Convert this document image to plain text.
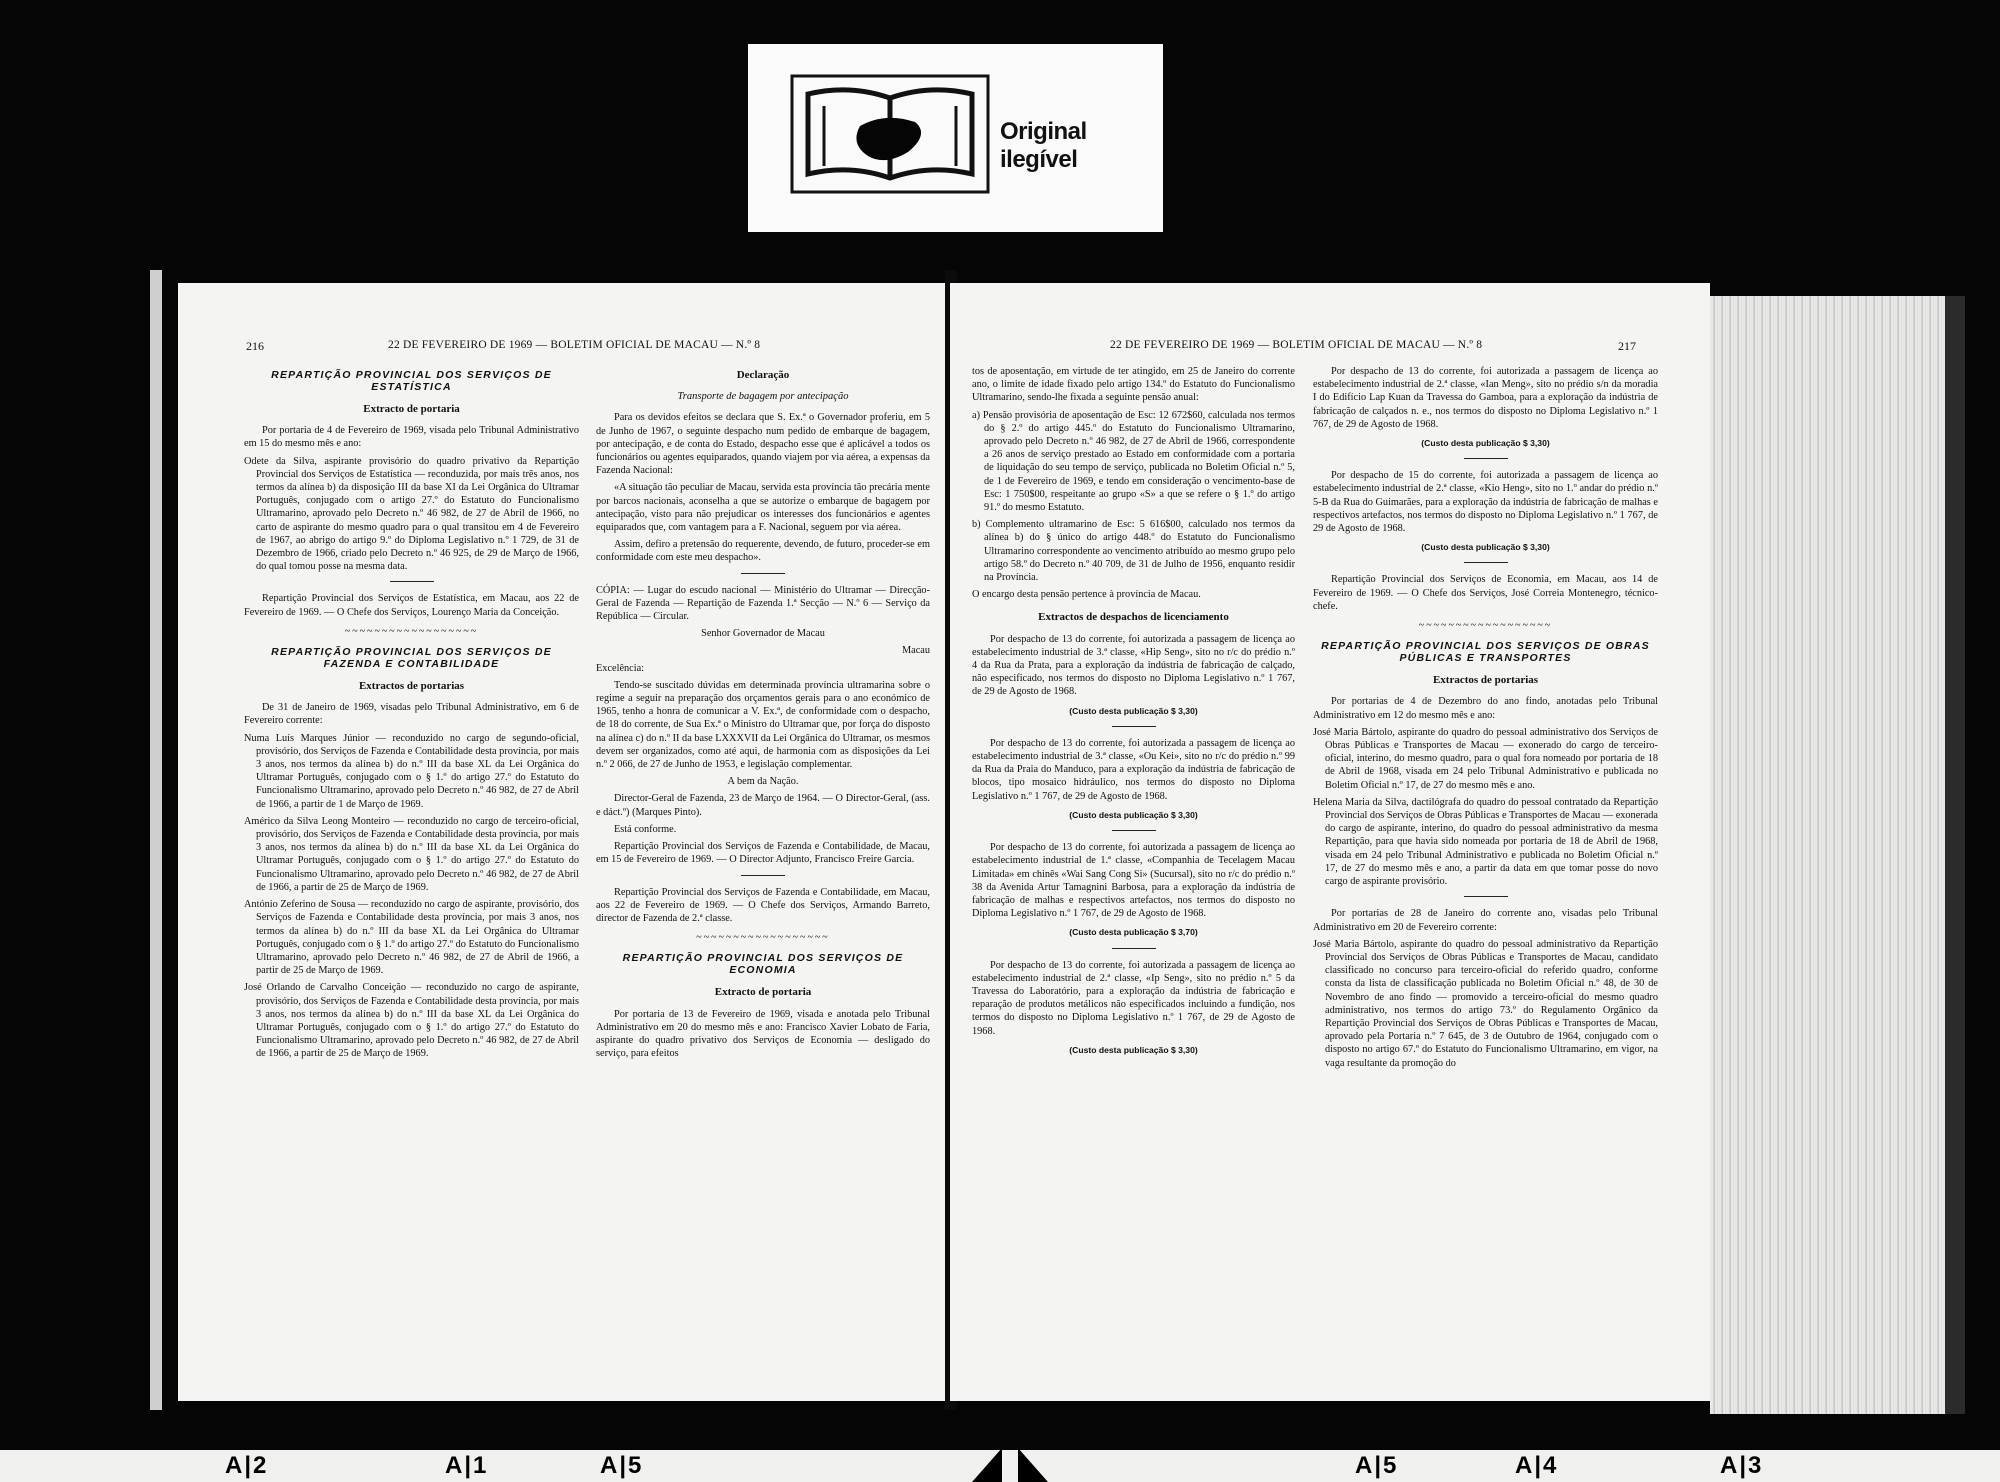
Original ilegível
216	22 DE FEVEREIRO DE 1969 — BOLETIM OFICIAL DE MACAU — N.º 8
REPARTIÇÃO PROVINCIAL DOS SERVIÇOS DE ESTATÍSTICA
Extracto de portaria

Por portaria de 4 de Fevereiro de 1969, visada pelo Tribunal Administrativo em 15 do mesmo mês e ano:

Odete da Silva, aspirante provisório do quadro privativo da Repartição Provincial dos Serviços de Estatística — reconduzida, por mais três anos, nos termos da alínea b) da disposição III da base XI da Lei Orgânica do Ultramar Português, conjugado com o artigo 27.º do Estatuto do Funcionalismo Ultramarino, aprovado pelo Decreto n.º 46 982, de 27 de Abril de 1966, no carto de aspirante do mesmo quadro para o qual transitou em 4 de Fevereiro de 1967, ao abrigo do artigo 9.º do Diploma Legislativo n.º 1 729, de 31 de Dezembro de 1966, criado pelo Decreto n.º 46 925, de 29 de Março de 1966, do qual tomou posse na mesma data.

Repartição Provincial dos Serviços de Estatística, em Macau, aos 22 de Fevereiro de 1969. — O Chefe dos Serviços, Lourenço Maria da Conceição.

~~~~~~~~~~~~~~~~~~
REPARTIÇÃO PROVINCIAL DOS SERVIÇOS DE FAZENDA E CONTABILIDADE
Extractos de portarias

De 31 de Janeiro de 1969, visadas pelo Tribunal Administrativo, em 6 de Fevereiro corrente:

Numa Luís Marques Júnior — reconduzido no cargo de segundo-oficial, provisório, dos Serviços de Fazenda e Contabilidade desta província, por mais 3 anos, nos termos da alínea b) do n.º III da base XL da Lei Orgânica do Ultramar Português, conjugado com o § 1.º do artigo 27.º do Estatuto do Funcionalismo Ultramarino, aprovado pelo Decreto n.º 46 982, de 27 de Abril de 1966, a partir de 1 de Março de 1969.

Américo da Silva Leong Monteiro — reconduzido no cargo de terceiro-oficial, provisório, dos Serviços de Fazenda e Contabilidade desta província, por mais 3 anos, nos termos da alínea b) do n.º III da base XL da Lei Orgânica do Ultramar Português, conjugado com o § 1.º do artigo 27.º do Estatuto do Funcionalismo Ultramarino, aprovado pelo Decreto n.º 46 982, de 27 de Abril de 1966, a partir de 25 de Março de 1969.

António Zeferino de Sousa — reconduzido no cargo de aspirante, provisório, dos Serviços de Fazenda e Contabilidade desta província, por mais 3 anos, nos termos da alínea b) do n.º III da base XL da Lei Orgânica do Ultramar Português, conjugado com o § 1.º do artigo 27.º do Estatuto do Funcionalismo Ultramarino, aprovado pelo Decreto n.º 46 982, de 27 de Abril de 1966, a partir de 25 de Março de 1969.

José Orlando de Carvalho Conceição — reconduzido no cargo de aspirante, provisório, dos Serviços de Fazenda e Contabilidade desta província, por mais 3 anos, nos termos da alínea b) do n.º III da base XL da Lei Orgânica do Ultramar Português, conjugado com o § 1.º do artigo 27.º do Estatuto do Funcionalismo Ultramarino, aprovado pelo Decreto n.º 46 982, de 27 de Abril de 1966, a partir de 25 de Março de 1969.

Declaração
Transporte de bagagem por antecipação

Para os devidos efeitos se declara que S. Ex.ª o Governador proferiu, em 5 de Junho de 1967, o seguinte despacho num pedido de embarque de bagagem, por antecipação, e de conta do Estado, despacho esse que é aplicável a todos os funcionários ou agentes equiparados, quando viajem por via aérea, a expensas da Fazenda Nacional:

«A situação tão peculiar de Macau, servida esta província tão precária mente por barcos nacionais, aconselha a que se autorize o embarque de bagagem por antecipação, visto para não prejudicar os interesses dos funcionários e agentes equiparados que, com vantagem para a F. Nacional, seguem por via aérea.

Assim, defiro a pretensão do requerente, devendo, de futuro, proceder-se em conformidade com este meu despacho».

CÓPIA: — Lugar do escudo nacional — Ministério do Ultramar — Direcção-Geral de Fazenda — Repartição de Fazenda 1.ª Secção — N.º 6 — Serviço da República — Circular.

Senhor Governador de Macau

Macau

Excelência:

Tendo-se suscitado dúvidas em determinada província ultramarina sobre o regime a seguir na preparação dos orçamentos gerais para o ano económico de 1965, tenho a honra de comunicar a V. Ex.ª, de conformidade com o despacho, de 18 do corrente, de Sua Ex.ª o Ministro do Ultramar que, por força do disposto na alínea c) do n.º II da base LXXXVII da Lei Orgânica do Ultramar, os mesmos devem ser organizados, como até aqui, de harmonia com as disposições da Lei n.º 2 066, de 27 de Junho de 1953, e legislação complementar.

A bem da Nação.

Director-Geral de Fazenda, 23 de Março de 1964. — O Director-Geral, (ass. e dáct.º) (Marques Pinto).

Está conforme.

Repartição Provincial dos Serviços de Fazenda e Contabilidade, de Macau, em 15 de Fevereiro de 1969. — O Director Adjunto, Francisco Freire Garcia.

Repartição Provincial dos Serviços de Fazenda e Contabilidade, em Macau, aos 22 de Fevereiro de 1969. — O Chefe dos Serviços, Armando Barreto, director de Fazenda de 2.ª classe.

~~~~~~~~~~~~~~~~~~
REPARTIÇÃO PROVINCIAL DOS SERVIÇOS DE ECONOMIA
Extracto de portaria

Por portaria de 13 de Fevereiro de 1969, visada e anotada pelo Tribunal Administrativo em 20 do mesmo mês e ano: Francisco Xavier Lobato de Faria, aspirante do quadro privativo dos Serviços de Economia — desligado do serviço, para efeitos

22 DE FEVEREIRO DE 1969 — BOLETIM OFICIAL DE MACAU — N.º 8	217

tos de aposentação, em virtude de ter atingido, em 25 de Janeiro do corrente ano, o limite de idade fixado pelo artigo 134.º do Estatuto do Funcionalismo Ultramarino, sendo-lhe fixada a seguinte pensão anual:

a) Pensão provisória de aposentação de Esc: 12 672$60, calculada nos termos do § 2.º do artigo 445.º do Estatuto do Funcionalismo Ultramarino, aprovado pelo Decreto n.º 46 982, de 27 de Abril de 1966, correspondente a 26 anos de serviço prestado ao Estado em conformidade com a portaria de liquidação do seu tempo de serviço, publicada no Boletim Oficial n.º 5, de 1 de Fevereiro de 1969, e tendo em consideração o vencimento-base de Esc: 1 750$00, respeitante ao grupo «S» a que se refere o § 1.º do artigo 91.º do mesmo Estatuto.

b) Complemento ultramarino de Esc: 5 616$00, calculado nos termos da alínea b) do § único do artigo 448.º do Estatuto do Funcionalismo Ultramarino correspondente ao vencimento atribuído ao mesmo grupo pelo artigo 58.º do Decreto n.º 40 709, de 31 de Julho de 1956, enquanto residir na Província.

O encargo desta pensão pertence à província de Macau.

Extractos de despachos de licenciamento

Por despacho de 13 do corrente, foi autorizada a passagem de licença ao estabelecimento industrial de 3.ª classe, «Hip Seng», sito no r/c do prédio n.º 4 da Rua da Prata, para a exploração da indústria de fabricação de calçado, não especificado, nos termos do disposto no Diploma Legislativo n.º 1 767, de 29 de Agosto de 1968.

(Custo desta publicação $ 3,30)

Por despacho de 13 do corrente, foi autorizada a passagem de licença ao estabelecimento industrial de 3.ª classe, «Ou Kei», sito no r/c do prédio n.º 99 da Rua da Praia do Manduco, para a exploração da indústria de fabricação de blocos, tipo mosaico hidráulico, nos termos do disposto no Diploma Legislativo n.º 1 767, de 29 de Agosto de 1968.

(Custo desta publicação $ 3,30)

Por despacho de 13 do corrente, foi autorizada a passagem de licença ao estabelecimento industrial de 1.ª classe, «Companhia de Tecelagem Macau Limitada» em chinês «Wai Sang Cong Si» (Sucursal), sito no r/c do prédio n.º 38 da Avenida Artur Tamagnini Barbosa, para a exploração da indústria de fabricação de malhas e respectivos artefactos, nos termos do disposto no Diploma Legislativo n.º 1 767, de 29 de Agosto de 1968.

(Custo desta publicação $ 3,70)

Por despacho de 13 do corrente, foi autorizada a passagem de licença ao estabelecimento industrial de 2.ª classe, «Ip Seng», sito no prédio n.º 5 da Travessa do Laboratório, para a exploração da indústria de fabricação e reparação de produtos metálicos não especificados incluindo a fundição, nos termos do disposto no Diploma Legislativo n.º 1 767, de 29 de Agosto de 1968.

(Custo desta publicação $ 3,30)

Por despacho de 13 do corrente, foi autorizada a passagem de licença ao estabelecimento industrial de 2.ª classe, «Ian Meng», sito no prédio s/n da moradia I do Edifício Lap Kuan da Travessa do Gamboa, para a exploração da indústria de fabricação de calçados n. e., nos termos do disposto no Diploma Legislativo n.º 1 767, de 29 de Agosto de 1968.

(Custo desta publicação $ 3,30)

Por despacho de 15 do corrente, foi autorizada a passagem de licença ao estabelecimento industrial de 2.ª classe, «Kio Heng», sito no 1.º andar do prédio n.º 5-B da Rua do Guimarães, para a exploração da indústria de fabricação de malhas e respectivos artefactos, nos termos do disposto no Diploma Legislativo n.º 1 767, de 29 de Agosto de 1968.

(Custo desta publicação $ 3,30)

Repartição Provincial dos Serviços de Economia, em Macau, aos 14 de Fevereiro de 1969. — O Chefe dos Serviços, José Correia Montenegro, técnico-chefe.

~~~~~~~~~~~~~~~~~~
REPARTIÇÃO PROVINCIAL DOS SERVIÇOS DE OBRAS PÚBLICAS E TRANSPORTES
Extractos de portarias

Por portarias de 4 de Dezembro do ano findo, anotadas pelo Tribunal Administrativo em 12 do mesmo mês e ano:

José Maria Bártolo, aspirante do quadro do pessoal administrativo dos Serviços de Obras Públicas e Transportes de Macau — exonerado do cargo de terceiro-oficial, interino, do mesmo quadro, para o qual fora nomeado por portaria de 18 de Abril de 1968, visada em 24 pelo Tribunal Administrativo e publicada no Boletim Oficial n.º 17, de 27 do mesmo mês e ano.

Helena Maria da Silva, dactilógrafa do quadro do pessoal contratado da Repartição Provincial dos Serviços de Obras Públicas e Transportes de Macau — exonerada do cargo de aspirante, interino, do quadro do pessoal administrativo da mesma Repartição, para que havia sido nomeada por portaria de 18 de Abril de 1968, visada em 24 pelo Tribunal Administrativo e publicada no Boletim Oficial n.º 17, de 27 do mesmo mês e ano, a partir da data em que tomar posse do novo cargo de aspirante provisório.

Por portarias de 28 de Janeiro do corrente ano, visadas pelo Tribunal Administrativo em 20 de Fevereiro corrente:

José Maria Bártolo, aspirante do quadro do pessoal administrativo da Repartição Provincial dos Serviços de Obras Públicas e Transportes de Macau, candidato classificado no concurso para terceiro-oficial do referido quadro, conforme consta da lista de classificação publicada no Boletim Oficial n.º 48, de 30 de Novembro de ano findo — promovido a terceiro-oficial do mesmo quadro administrativo, nos termos do artigo 73.º do Regulamento Orgânico da Repartição Provincial dos Serviços de Obras Públicas e Transportes de Macau, aprovado pela Portaria n.º 7 645, de 3 de Outubro de 1964, conjugado com o disposto no artigo 67.º do Estatuto do Funcionalismo Ultramarino, em vigor, na vaga resultante da promoção do

A|2	A|1	A|5	A|5	A|4	A|3
